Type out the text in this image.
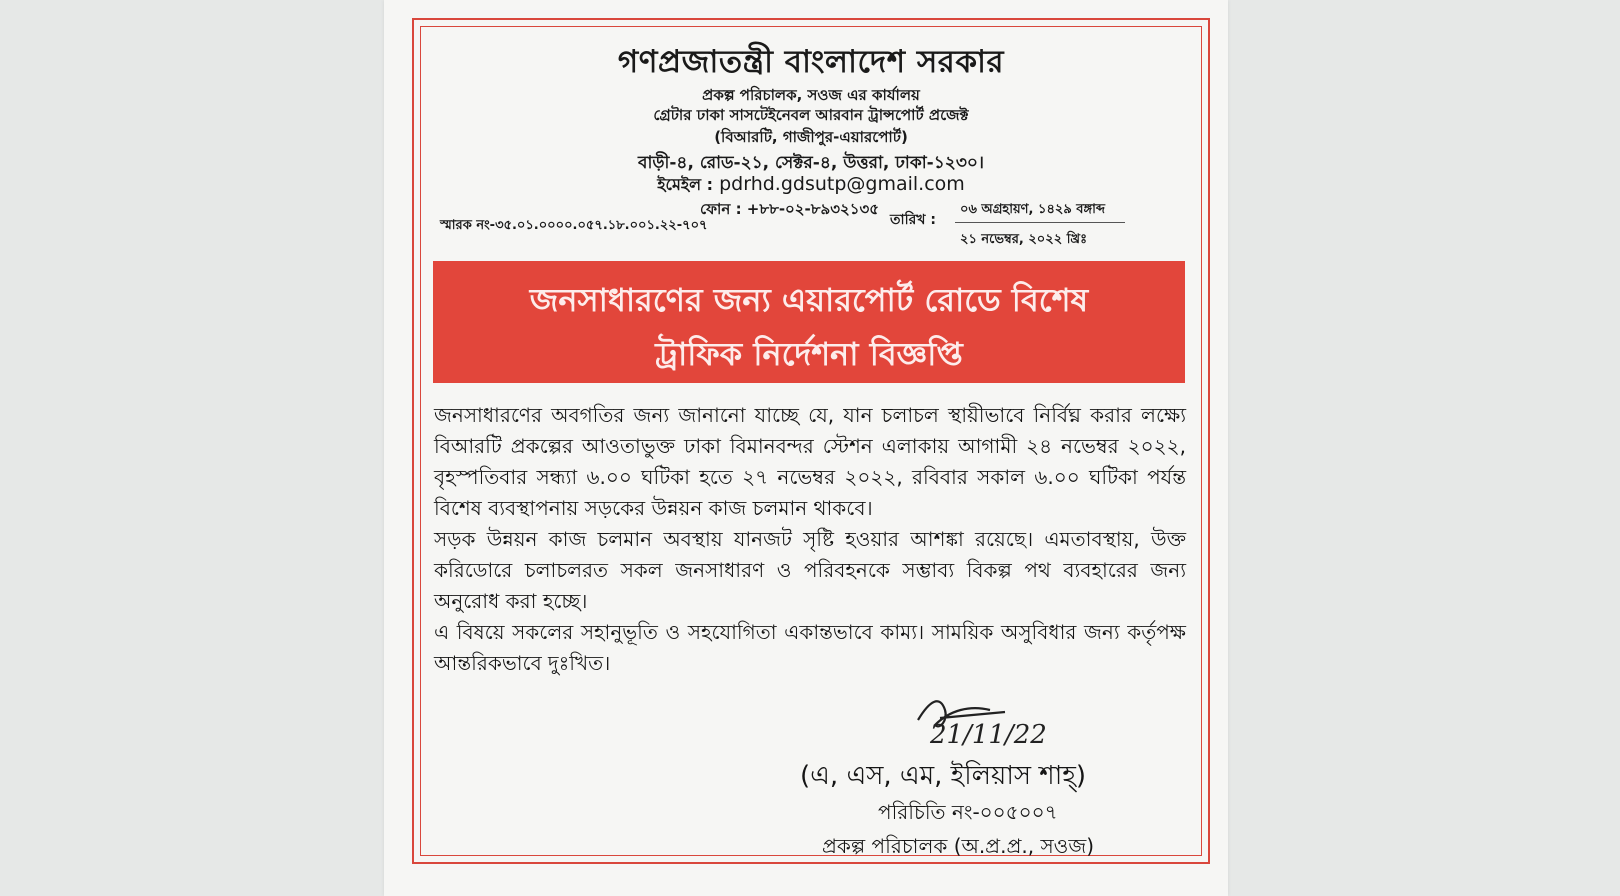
গণপ্রজাতন্ত্রী বাংলাদেশ সরকার
প্রকল্প পরিচালক, সওজ এর কার্যালয়
গ্রেটার ঢাকা সাসটেইনেবল আরবান ট্রান্সপোর্ট প্রজেক্ট
(বিআরটি, গাজীপুর-এয়ারপোর্ট)
বাড়ী-৪, রোড-২১, সেক্টর-৪, উত্তরা, ঢাকা-১২৩০।
ইমেইল : pdrhd.gdsutp@gmail.com
ফোন : +৮৮-০২-৮৯৩২১৩৫
স্মারক নং-৩৫.০১.০০০০.০৫৭.১৮.০০১.২২-৭০৭	তারিখ :
০৬ অগ্রহায়ণ, ১৪২৯ বঙ্গাব্দ
২১ নভেম্বর, ২০২২ খ্রিঃ
জনসাধারণের জন্য এয়ারপোর্ট রোডে বিশেষ
ট্রাফিক নির্দেশনা বিজ্ঞপ্তি

জনসাধারণের অবগতির জন্য জানানো যাচ্ছে যে, যান চলাচল স্থায়ীভাবে নির্বিঘ্ন করার লক্ষ্যে বিআরটি প্রকল্পের আওতাভুক্ত ঢাকা বিমানবন্দর স্টেশন এলাকায় আগামী ২৪ নভেম্বর ২০২২, বৃহস্পতিবার সন্ধ্যা ৬.০০ ঘটিকা হতে ২৭ নভেম্বর ২০২২, রবিবার সকাল ৬.০০ ঘটিকা পর্যন্ত বিশেষ ব্যবস্থাপনায় সড়কের উন্নয়ন কাজ চলমান থাকবে।

সড়ক উন্নয়ন কাজ চলমান অবস্থায় যানজট সৃষ্টি হওয়ার আশঙ্কা রয়েছে। এমতাবস্থায়, উক্ত করিডোরে চলাচলরত সকল জনসাধারণ ও পরিবহনকে সম্ভাব্য বিকল্প পথ ব্যবহারের জন্য অনুরোধ করা হচ্ছে।

এ বিষয়ে সকলের সহানুভূতি ও সহযোগিতা একান্তভাবে কাম্য। সাময়িক অসুবিধার জন্য কর্তৃপক্ষ আন্তরিকভাবে দুঃখিত।

21/11/22
(এ, এস, এম, ইলিয়াস শাহ্)
পরিচিতি নং-০০৫০০৭
প্রকল্প পরিচালক (অ.প্র.প্র., সওজ)
